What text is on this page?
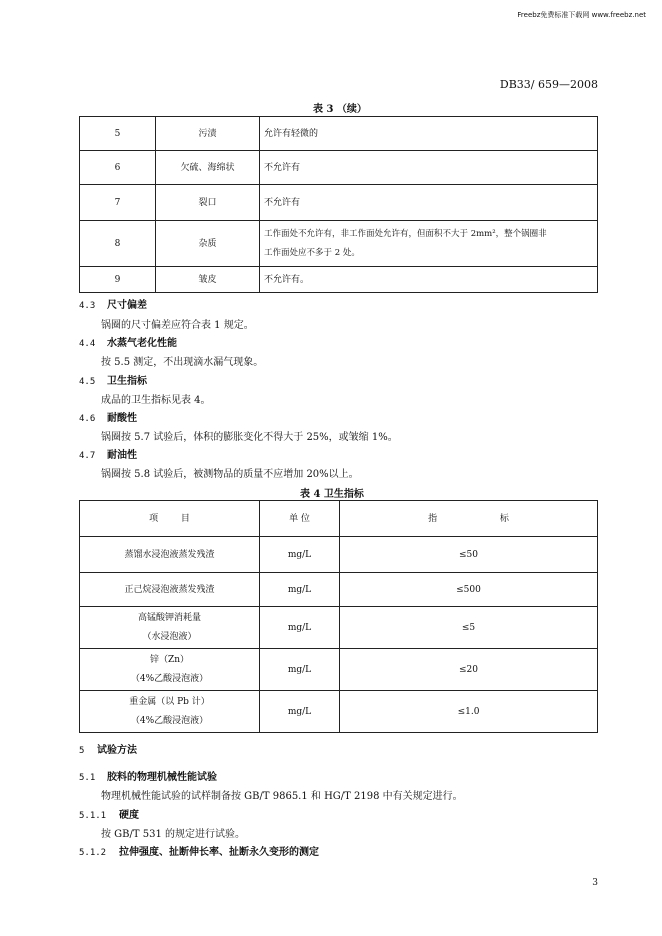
Freebz免费标准下载网 www.freebz.net
DB33/ 659—2008
表 3 （续）
5	污渍	允许有轻微的
6	欠硫、海绵状	不允许有
7	裂口	不允许有
8	杂质	工作面处不允许有，非工作面处允许有，但面积不大于 2mm²，整个锅圈非
工作面处应不多于 2 处。

9	皱皮	不允许有。
4.3 尺寸偏差
锅圈的尺寸偏差应符合表 1 规定。
4.4 水蒸气老化性能
按 5.5 测定，不出现滴水漏气现象。
4.5 卫生指标
成品的卫生指标见表 4。
4.6 耐酸性
锅圈按 5.7 试验后，体积的膨胀变化不得大于 25%，或皱缩 1%。
4.7 耐油性
锅圈按 5.8 试验后，被测物品的质量不应增加 20%以上。
表 4 卫生指标
项 目	单 位	指 标
蒸馏水浸泡液蒸发残渣	mg/L	≤50
正己烷浸泡液蒸发残渣	mg/L	≤500

高锰酸钾消耗量
（水浸泡液）	mg/L	≤5

锌（Zn）
（4%乙酸浸泡液）	mg/L	≤20

重金属（以 Pb 计）
（4%乙酸浸泡液）	mg/L	≤1.0
5 试验方法
5.1 胶料的物理机械性能试验
物理机械性能试验的试样制备按 GB/T 9865.1 和 HG/T 2198 中有关规定进行。
5.1.1 硬度
按 GB/T 531 的规定进行试验。
5.1.2 拉伸强度、扯断伸长率、扯断永久变形的测定
3
